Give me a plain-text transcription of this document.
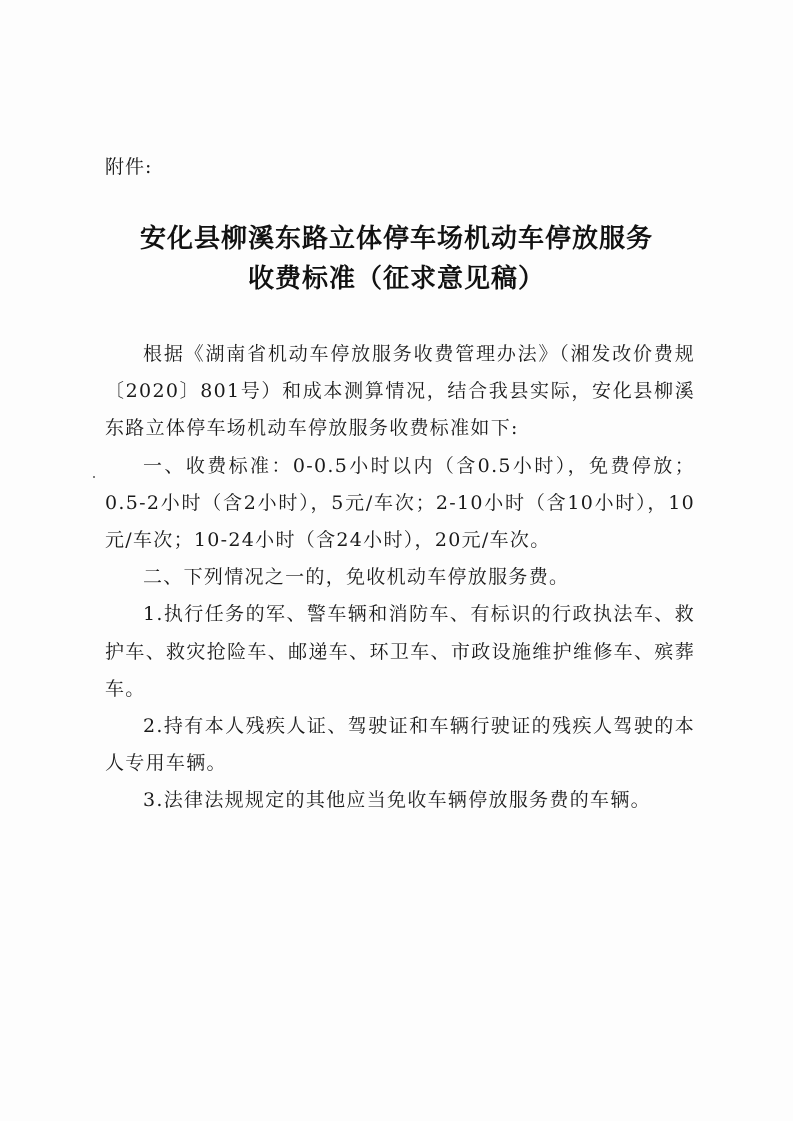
附件:
安化县柳溪东路立体停车场机动车停放服务
收费标准（征求意见稿）

根据《湖南省机动车停放服务收费管理办法》（湘发改价费规〔2020〕801号）和成本测算情况，结合我县实际，安化县柳溪东路立体停车场机动车停放服务收费标准如下:

一、收费标准：0-0.5小时以内（含0.5小时），免费停放；0.5-2小时（含2小时），5元/车次；2-10小时（含10小时），10元/车次；10-24小时（含24小时），20元/车次。

二、下列情况之一的，免收机动车停放服务费。

1.执行任务的军、警车辆和消防车、有标识的行政执法车、救护车、救灾抢险车、邮递车、环卫车、市政设施维护维修车、殡葬车。

2.持有本人残疾人证、驾驶证和车辆行驶证的残疾人驾驶的本人专用车辆。

3.法律法规规定的其他应当免收车辆停放服务费的车辆。
